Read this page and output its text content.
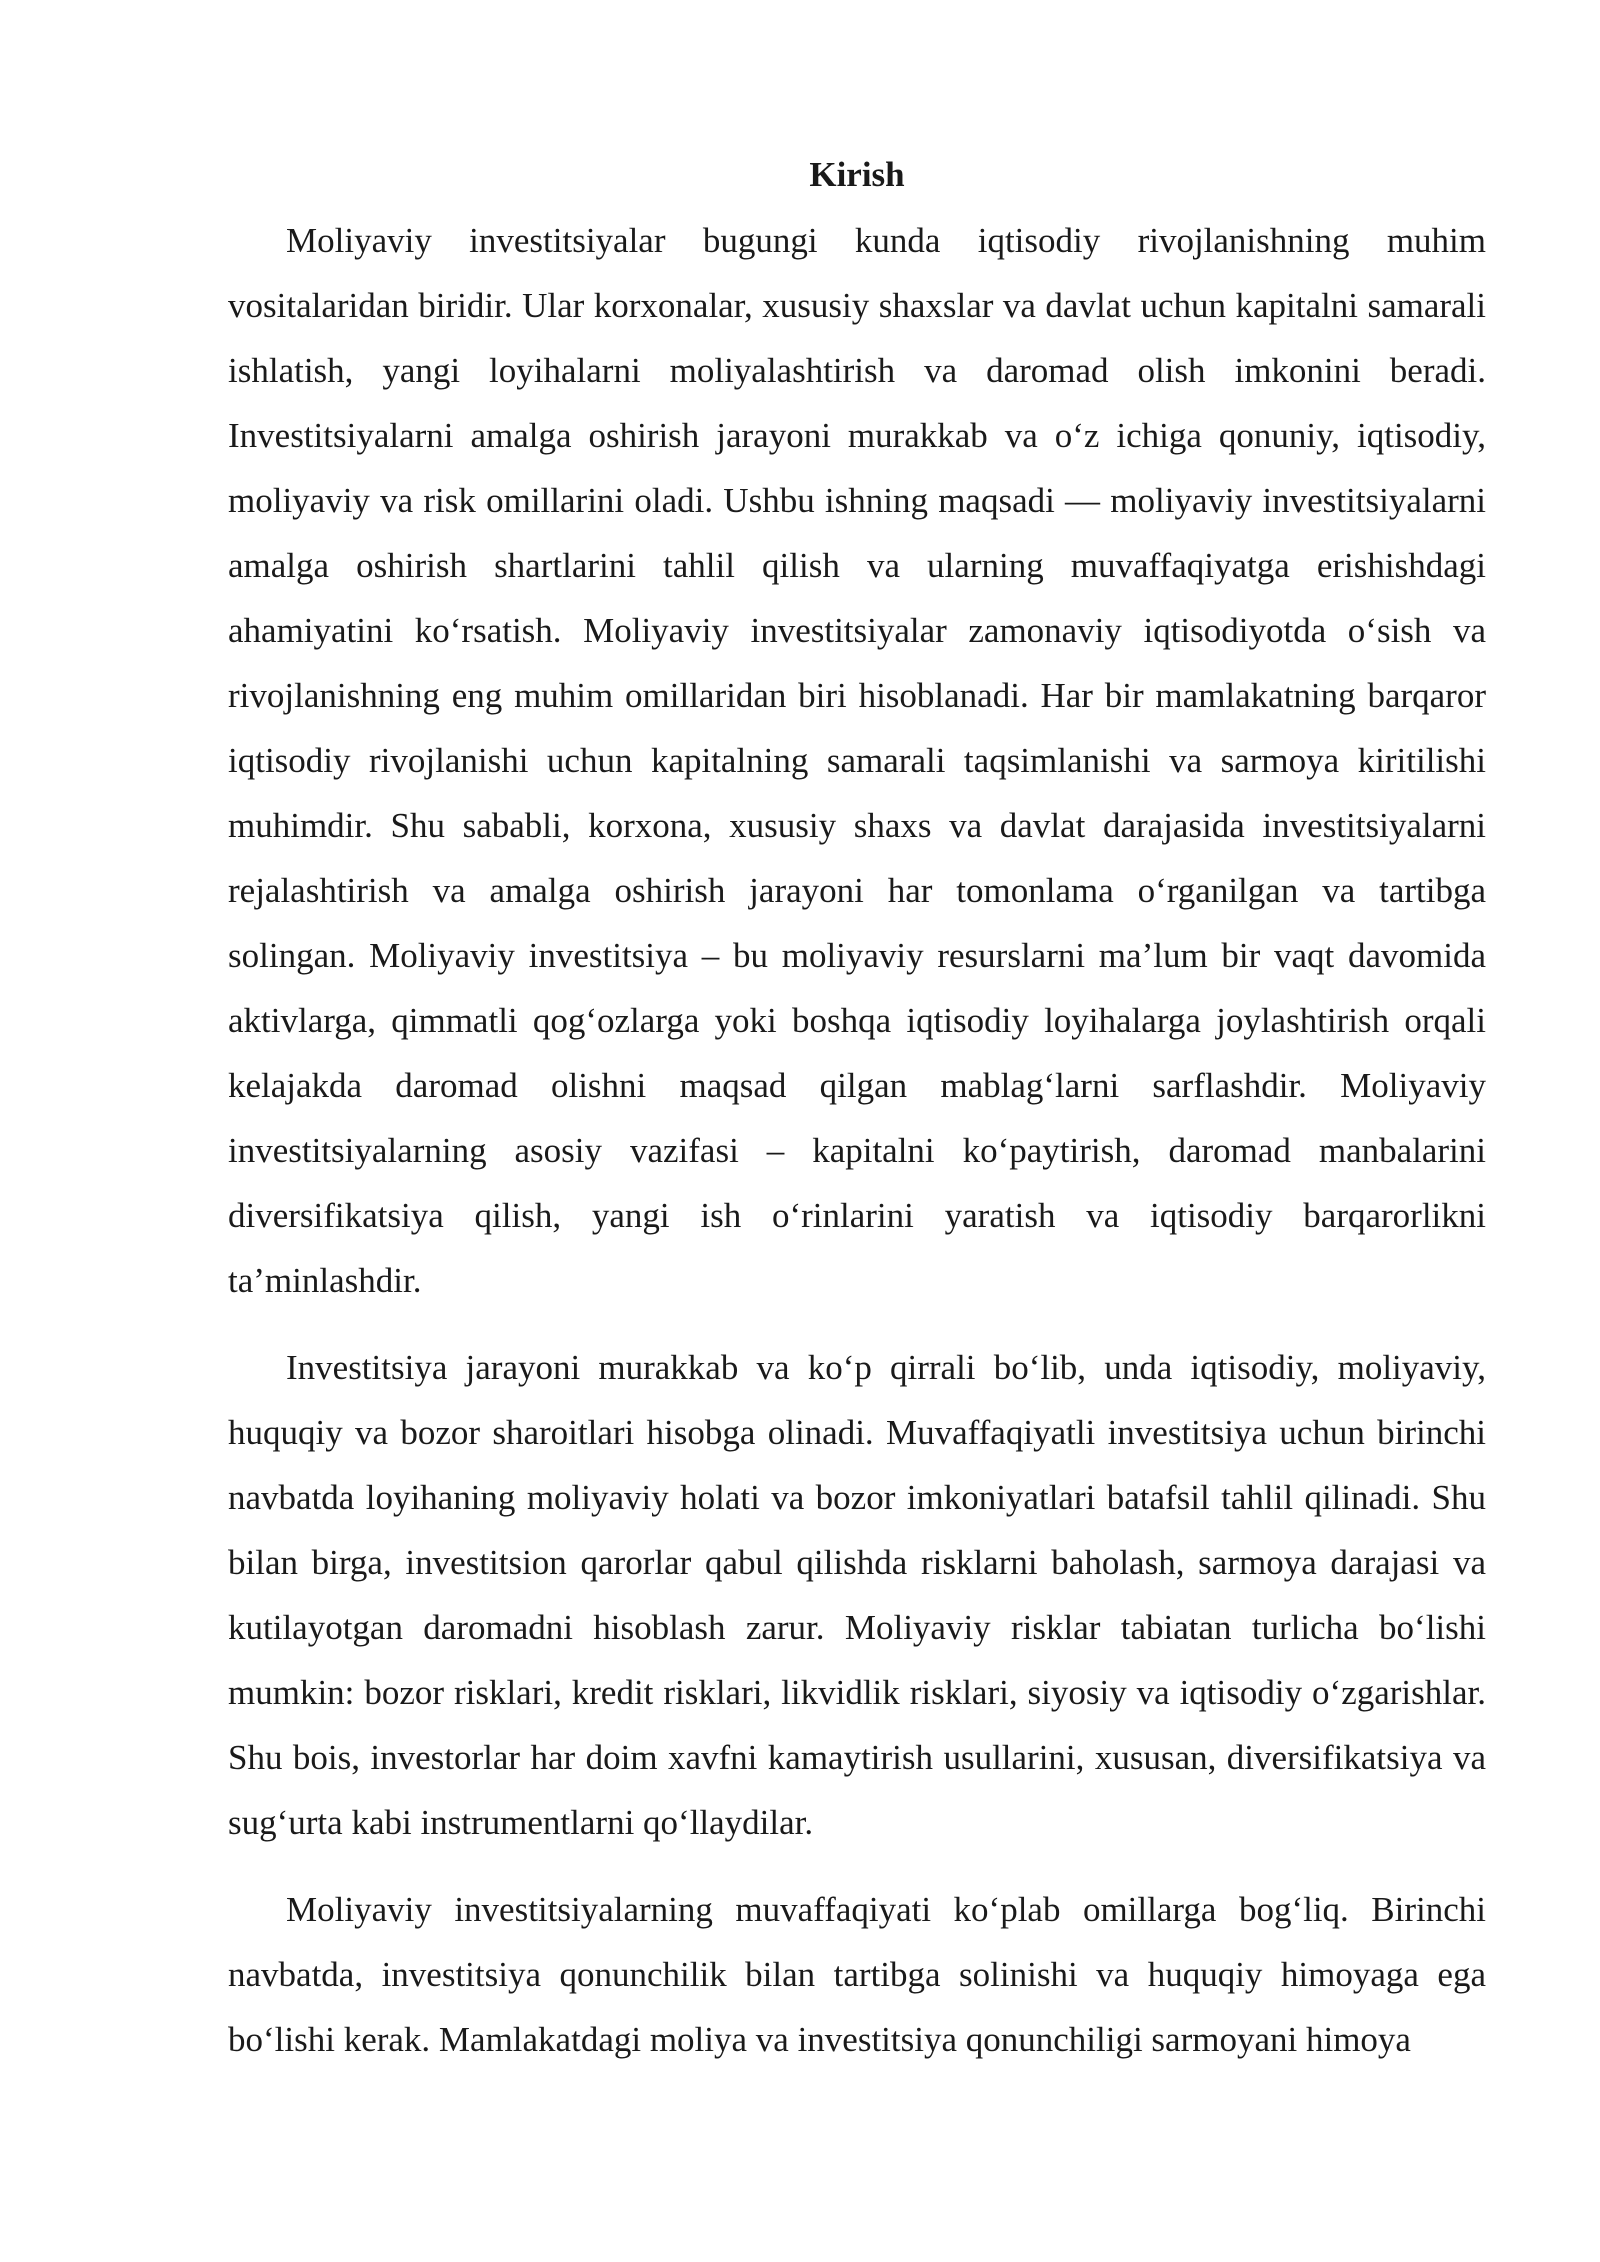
Kirish

Moliyaviy investitsiyalar bugungi kunda iqtisodiy rivojlanishning muhim vositalaridan biridir. Ular korxonalar, xususiy shaxslar va davlat uchun kapitalni samarali ishlatish, yangi loyihalarni moliyalashtirish va daromad olish imkonini beradi. Investitsiyalarni amalga oshirish jarayoni murakkab va o‘z ichiga qonuniy, iqtisodiy, moliyaviy va risk omillarini oladi. Ushbu ishning maqsadi — moliyaviy investitsiyalarni amalga oshirish shartlarini tahlil qilish va ularning muvaffaqiyatga erishishdagi ahamiyatini ko‘rsatish. Moliyaviy investitsiyalar zamonaviy iqtisodiyotda o‘sish va rivojlanishning eng muhim omillaridan biri hisoblanadi. Har bir mamlakatning barqaror iqtisodiy rivojlanishi uchun kapitalning samarali taqsimlanishi va sarmoya kiritilishi muhimdir. Shu sababli, korxona, xususiy shaxs va davlat darajasida investitsiyalarni rejalashtirish va amalga oshirish jarayoni har tomonlama o‘rganilgan va tartibga solingan. Moliyaviy investitsiya – bu moliyaviy resurslarni ma’lum bir vaqt davomida aktivlarga, qimmatli qog‘ozlarga yoki boshqa iqtisodiy loyihalarga joylashtirish orqali kelajakda daromad olishni maqsad qilgan mablag‘larni sarflashdir. Moliyaviy investitsiyalarning asosiy vazifasi – kapitalni ko‘paytirish, daromad manbalarini diversifikatsiya qilish, yangi ish o‘rinlarini yaratish va iqtisodiy barqarorlikni ta’minlashdir.

Investitsiya jarayoni murakkab va ko‘p qirrali bo‘lib, unda iqtisodiy, moliyaviy, huquqiy va bozor sharoitlari hisobga olinadi. Muvaffaqiyatli investitsiya uchun birinchi navbatda loyihaning moliyaviy holati va bozor imkoniyatlari batafsil tahlil qilinadi. Shu bilan birga, investitsion qarorlar qabul qilishda risklarni baholash, sarmoya darajasi va kutilayotgan daromadni hisoblash zarur. Moliyaviy risklar tabiatan turlicha bo‘lishi mumkin: bozor risklari, kredit risklari, likvidlik risklari, siyosiy va iqtisodiy o‘zgarishlar. Shu bois, investorlar har doim xavfni kamaytirish usullarini, xususan, diversifikatsiya va sug‘urta kabi instrumentlarni qo‘llaydilar.

Moliyaviy investitsiyalarning muvaffaqiyati ko‘plab omillarga bog‘liq. Birinchi navbatda, investitsiya qonunchilik bilan tartibga solinishi va huquqiy himoyaga ega bo‘lishi kerak. Mamlakatdagi moliya va investitsiya qonunchiligi sarmoyani himoya
